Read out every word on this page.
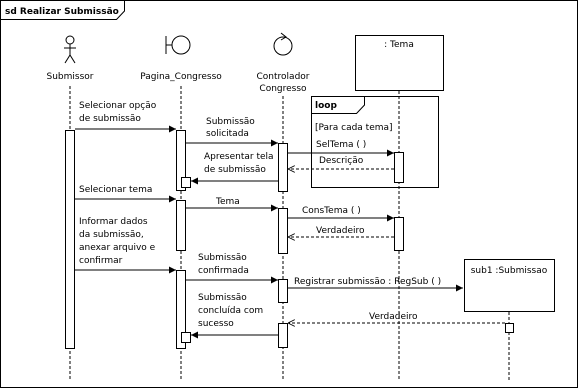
sd Realizar Submissão
Submissor	Pagina_Congresso	Controlador
Congresso
: Tema
loop
[Para cada tema]
sub1 :Submissao
Selecionar opção
de submissão	Submissão
solicitada
SelTema ( )
Descrição
Apresentar tela
de submissão
Selecionar tema
Tema
ConsTema ( )
Verdadeiro
Informar dados
da submissão,
anexar arquivo e
confirmar	Submissão
confirmada
Registrar submissão : RegSub ( )
Verdadeiro
Submissão
concluída com
sucesso
